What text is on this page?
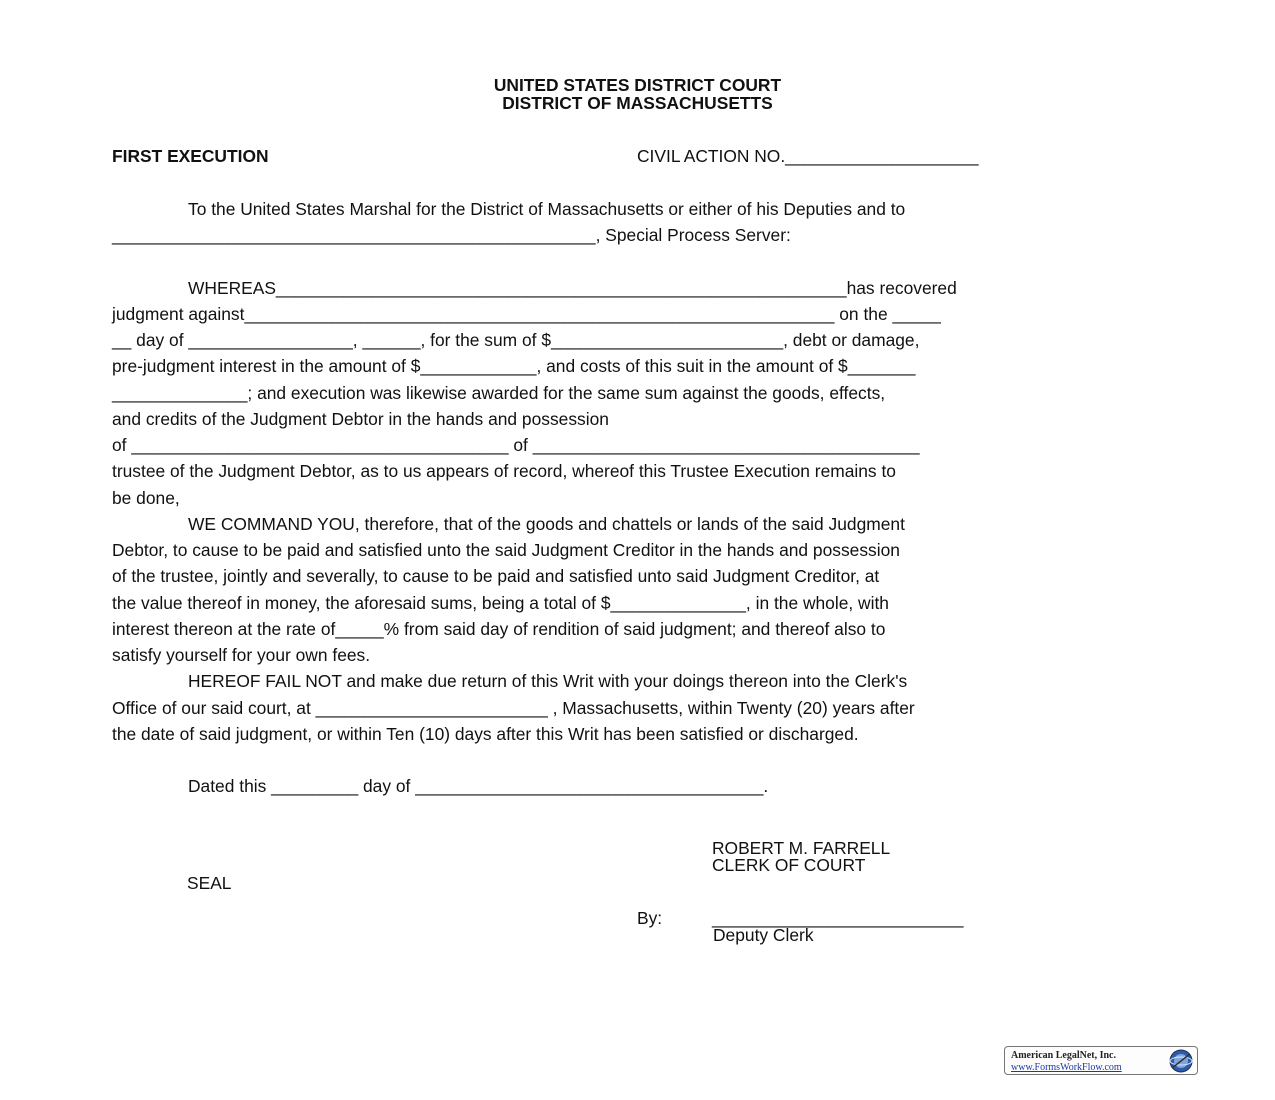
UNITED STATES DISTRICT COURT
DISTRICT OF MASSACHUSETTS
FIRST EXECUTION	CIVIL ACTION NO.____________________
To the United States Marshal for the District of Massachusetts or either of his Deputies and to
__________________________________________________, Special Process Server:
WHEREAS___________________________________________________________has recovered
judgment against_____________________________________________________________ on the _____
__ day of _________________, ______, for the sum of $________________________, debt or damage,
pre-judgment interest in the amount of $____________, and costs of this suit in the amount of $_______
______________; and execution was likewise awarded for the same sum against the goods, effects,
and credits of the Judgment Debtor in the hands and possession
of _______________________________________ of ________________________________________
trustee of the Judgment Debtor, as to us appears of record, whereof this Trustee Execution remains to
be done,
WE COMMAND YOU, therefore, that of the goods and chattels or lands of the said Judgment
Debtor, to cause to be paid and satisfied unto the said Judgment Creditor in the hands and possession
of the trustee, jointly and severally, to cause to be paid and satisfied unto said Judgment Creditor, at
the value thereof in money, the aforesaid sums, being a total of $______________, in the whole, with
interest thereon at the rate of_____% from said day of rendition of said judgment; and thereof also to
satisfy yourself for your own fees.
HEREOF FAIL NOT and make due return of this Writ with your doings thereon into the Clerk's
Office of our said court, at ________________________ , Massachusetts, within Twenty (20) years after
the date of said judgment, or within Ten (10) days after this Writ has been satisfied or discharged.
Dated this _________ day of ____________________________________.
ROBERT M. FARRELL
CLERK OF COURT
SEAL
By:	__________________________
Deputy Clerk
American LegalNet, Inc.
www.FormsWorkFlow.com
